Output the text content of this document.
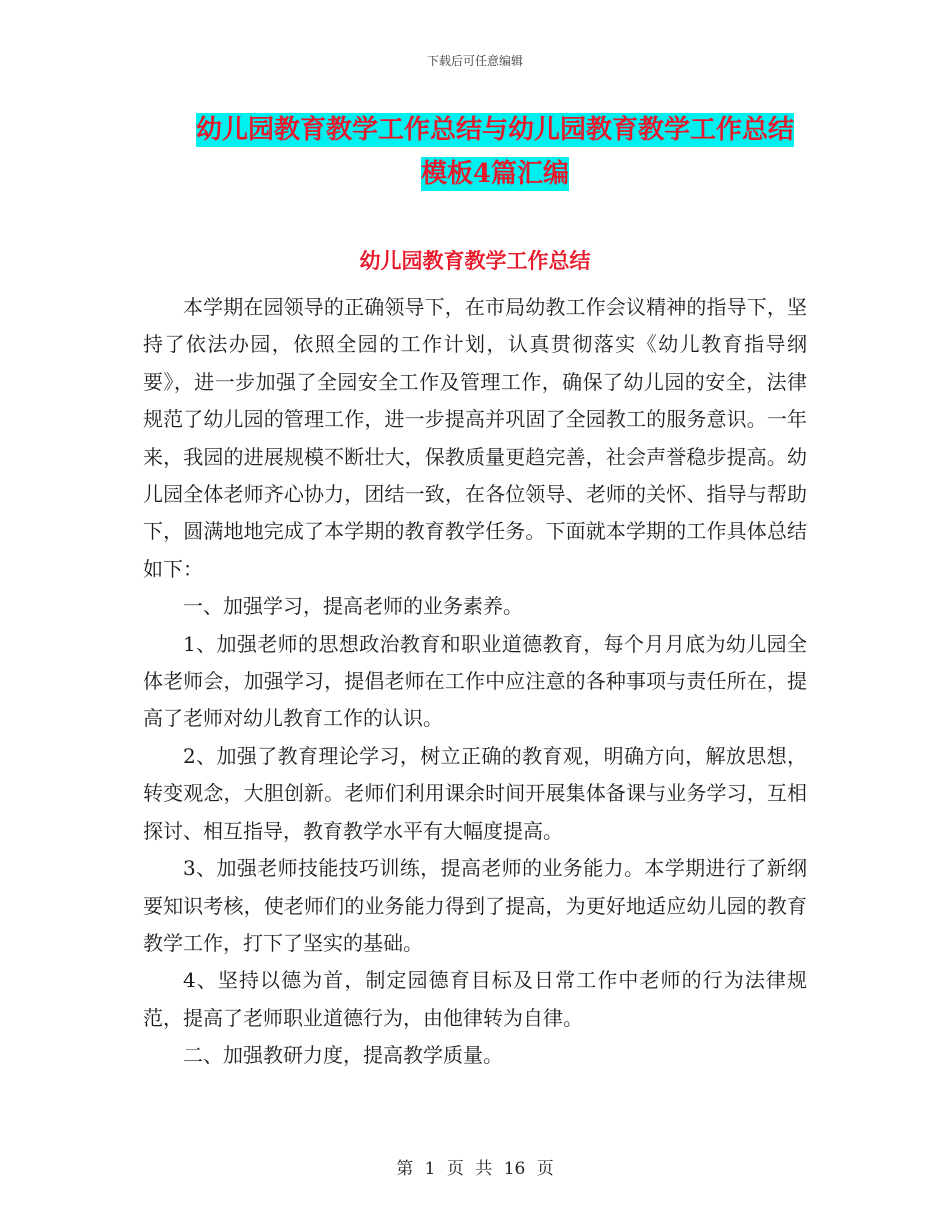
下载后可任意编辑
幼儿园教育教学工作总结与幼儿园教育教学工作总结
模板4篇汇编
幼儿园教育教学工作总结

本学期在园领导的正确领导下，在市局幼教工作会议精神的指导下，坚持了依法办园，依照全园的工作计划，认真贯彻落实《幼儿教育指导纲要》，进一步加强了全园安全工作及管理工作，确保了幼儿园的安全，法律规范了幼儿园的管理工作，进一步提高并巩固了全园教工的服务意识。一年来，我园的进展规模不断壮大，保教质量更趋完善，社会声誉稳步提高。幼儿园全体老师齐心协力，团结一致，在各位领导、老师的关怀、指导与帮助下，圆满地地完成了本学期的教育教学任务。下面就本学期的工作具体总结如下：

一、加强学习，提高老师的业务素养。

1、加强老师的思想政治教育和职业道德教育，每个月月底为幼儿园全体老师会，加强学习，提倡老师在工作中应注意的各种事项与责任所在，提高了老师对幼儿教育工作的认识。

2、加强了教育理论学习，树立正确的教育观，明确方向，解放思想，转变观念，大胆创新。老师们利用课余时间开展集体备课与业务学习，互相探讨、相互指导，教育教学水平有大幅度提高。

3、加强老师技能技巧训练，提高老师的业务能力。本学期进行了新纲要知识考核，使老师们的业务能力得到了提高，为更好地适应幼儿园的教育教学工作，打下了坚实的基础。

4、坚持以德为首，制定园德育目标及日常工作中老师的行为法律规范，提高了老师职业道德行为，由他律转为自律。

二、加强教研力度，提高教学质量。

第 1 页 共 16 页
